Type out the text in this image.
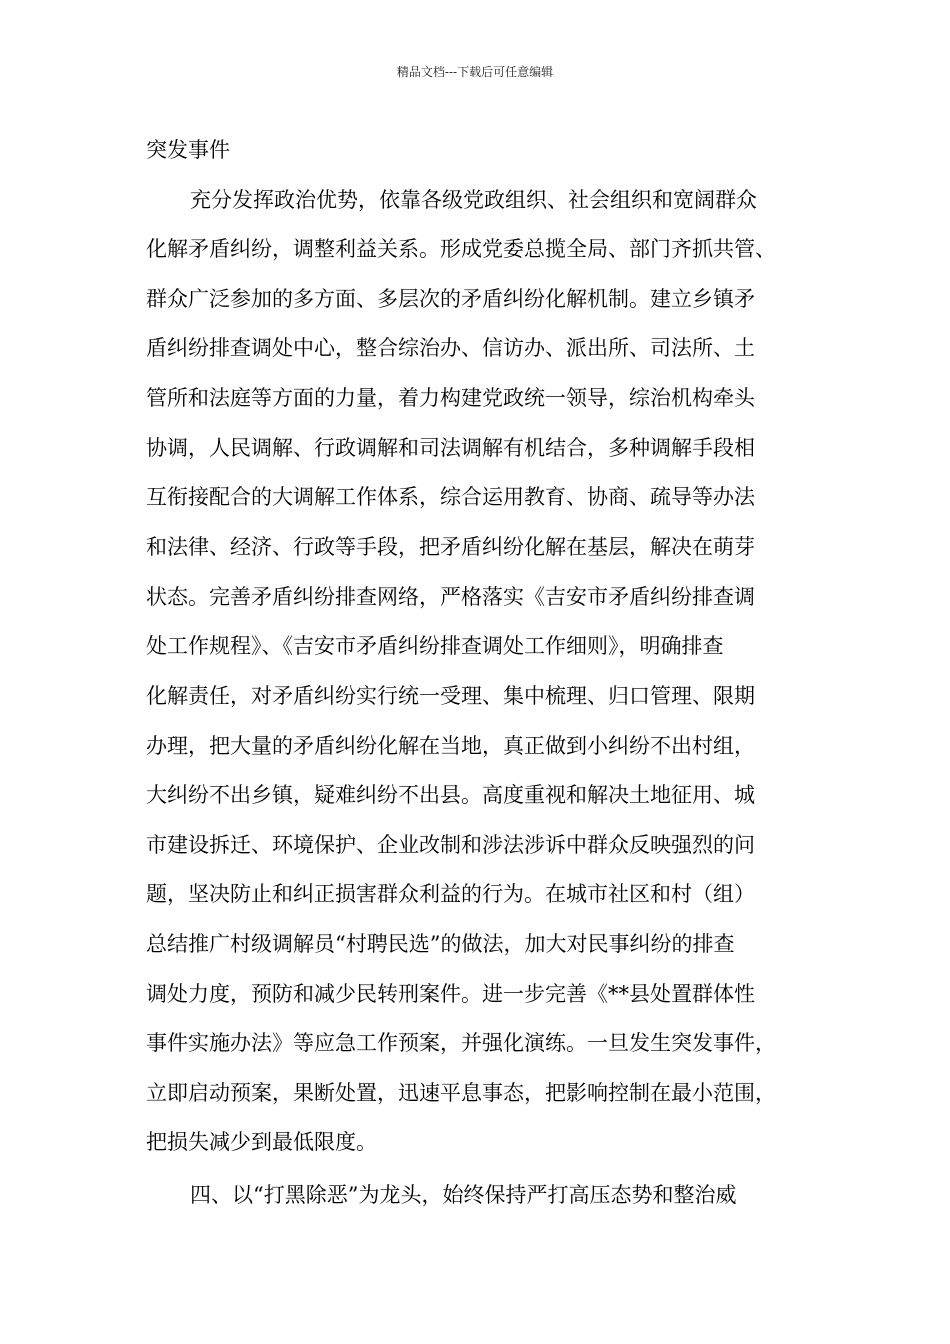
精品文档---下载后可任意编辑
突发事件
充分发挥政治优势，依靠各级党政组织、社会组织和宽阔群众
化解矛盾纠纷，调整利益关系。形成党委总揽全局、部门齐抓共管、
群众广泛参加的多方面、多层次的矛盾纠纷化解机制。建立乡镇矛
盾纠纷排查调处中心，整合综治办、信访办、派出所、司法所、土
管所和法庭等方面的力量，着力构建党政统一领导，综治机构牵头
协调，人民调解、行政调解和司法调解有机结合，多种调解手段相
互衔接配合的大调解工作体系，综合运用教育、协商、疏导等办法
和法律、经济、行政等手段，把矛盾纠纷化解在基层，解决在萌芽
状态。完善矛盾纠纷排查网络，严格落实《吉安市矛盾纠纷排查调
处工作规程》、《吉安市矛盾纠纷排查调处工作细则》，明确排查
化解责任，对矛盾纠纷实行统一受理、集中梳理、归口管理、限期
办理，把大量的矛盾纠纷化解在当地，真正做到小纠纷不出村组，
大纠纷不出乡镇，疑难纠纷不出县。高度重视和解决土地征用、城
市建设拆迁、环境保护、企业改制和涉法涉诉中群众反映强烈的问
题，坚决防止和纠正损害群众利益的行为。在城市社区和村（组）
总结推广村级调解员“村聘民选”的做法，加大对民事纠纷的排查
调处力度，预防和减少民转刑案件。进一步完善《**县处置群体性
事件实施办法》等应急工作预案，并强化演练。一旦发生突发事件，
立即启动预案，果断处置，迅速平息事态，把影响控制在最小范围，
把损失减少到最低限度。
四、以“打黑除恶”为龙头，始终保持严打高压态势和整治威
